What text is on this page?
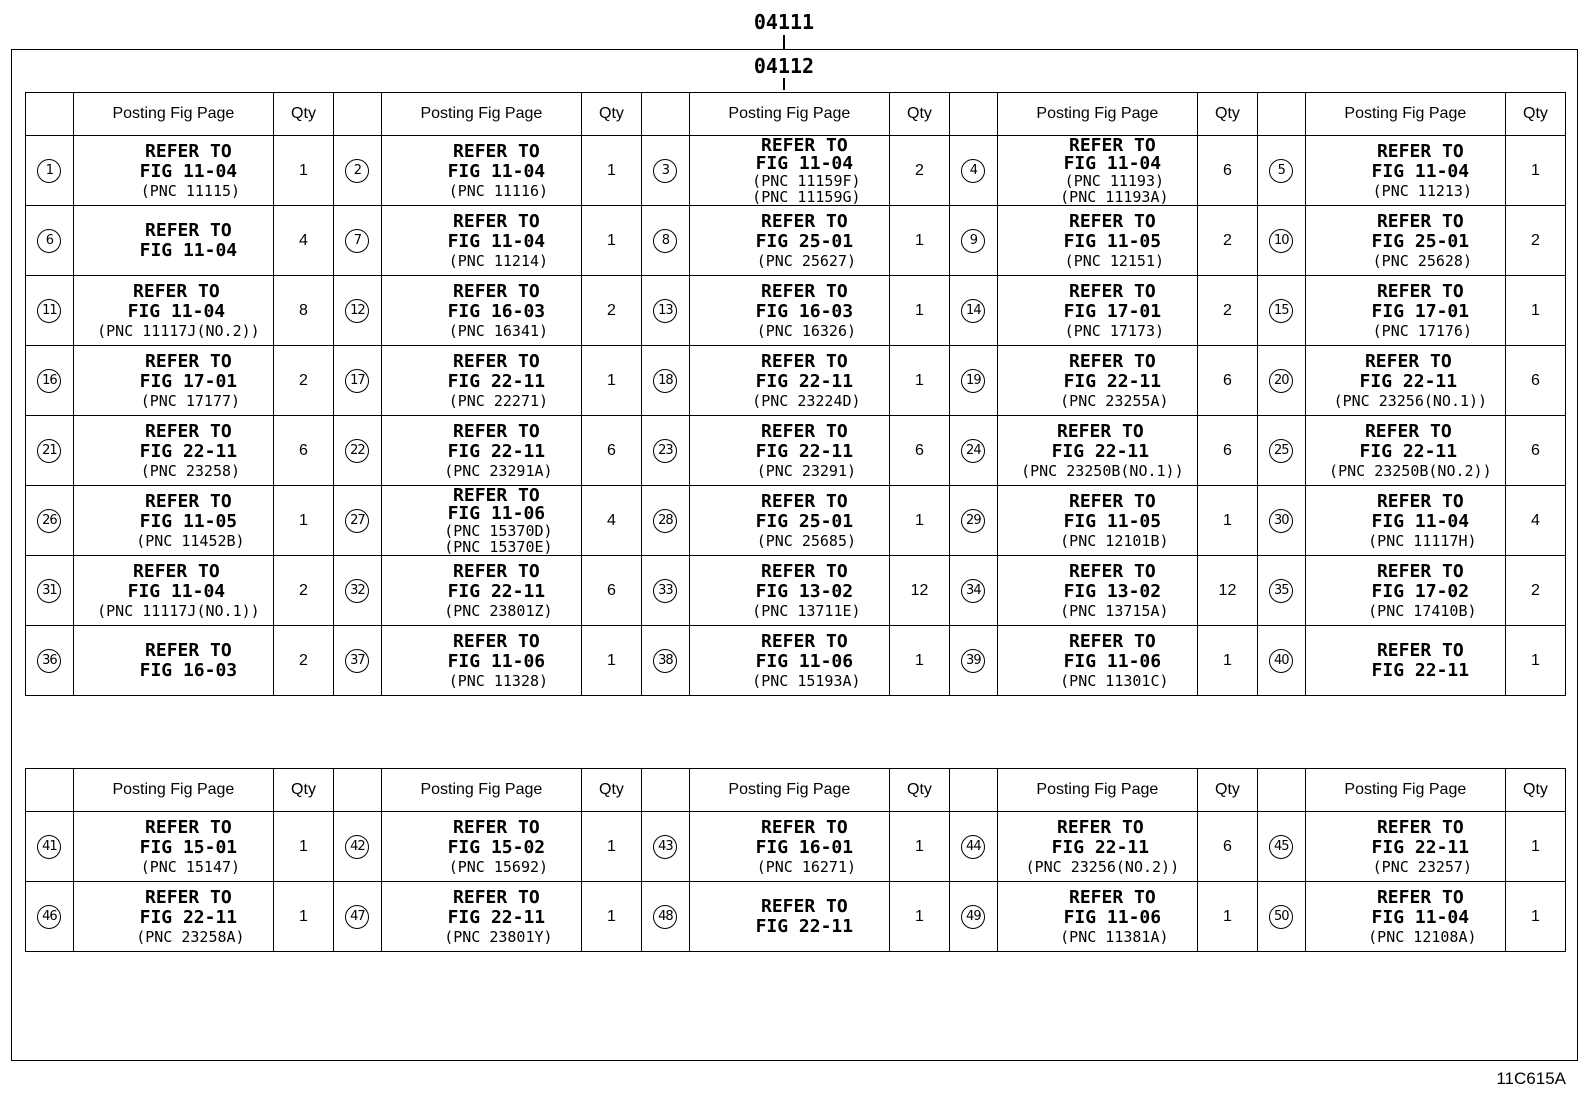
04111
04112
	Posting Fig Page	Qty		Posting Fig Page	Qty		Posting Fig Page	Qty		Posting Fig Page	Qty		Posting Fig Page	Qty
1	REFER TO
FIG 11-04
(PNC 11115)	1	2	REFER TO
FIG 11-04
(PNC 11116)	1	3	REFER TO
FIG 11-04
(PNC 11159F)
(PNC 11159G)	2	4	REFER TO
FIG 11-04
(PNC 11193)
(PNC 11193A)	6	5	REFER TO
FIG 11-04
(PNC 11213)	1
6	REFER TO
FIG 11-04	4	7	REFER TO
FIG 11-04
(PNC 11214)	1	8	REFER TO
FIG 25-01
(PNC 25627)	1	9	REFER TO
FIG 11-05
(PNC 12151)	2	10	REFER TO
FIG 25-01
(PNC 25628)	2
11	REFER TO
FIG 11-04
(PNC 11117J(NO.2))	8	12	REFER TO
FIG 16-03
(PNC 16341)	2	13	REFER TO
FIG 16-03
(PNC 16326)	1	14	REFER TO
FIG 17-01
(PNC 17173)	2	15	REFER TO
FIG 17-01
(PNC 17176)	1
16	REFER TO
FIG 17-01
(PNC 17177)	2	17	REFER TO
FIG 22-11
(PNC 22271)	1	18	REFER TO
FIG 22-11
(PNC 23224D)	1	19	REFER TO
FIG 22-11
(PNC 23255A)	6	20	REFER TO
FIG 22-11
(PNC 23256(NO.1))	6
21	REFER TO
FIG 22-11
(PNC 23258)	6	22	REFER TO
FIG 22-11
(PNC 23291A)	6	23	REFER TO
FIG 22-11
(PNC 23291)	6	24	REFER TO
FIG 22-11
(PNC 23250B(NO.1))	6	25	REFER TO
FIG 22-11
(PNC 23250B(NO.2))	6
26	REFER TO
FIG 11-05
(PNC 11452B)	1	27	REFER TO
FIG 11-06
(PNC 15370D)
(PNC 15370E)	4	28	REFER TO
FIG 25-01
(PNC 25685)	1	29	REFER TO
FIG 11-05
(PNC 12101B)	1	30	REFER TO
FIG 11-04
(PNC 11117H)	4
31	REFER TO
FIG 11-04
(PNC 11117J(NO.1))	2	32	REFER TO
FIG 22-11
(PNC 23801Z)	6	33	REFER TO
FIG 13-02
(PNC 13711E)	12	34	REFER TO
FIG 13-02
(PNC 13715A)	12	35	REFER TO
FIG 17-02
(PNC 17410B)	2
36	REFER TO
FIG 16-03	2	37	REFER TO
FIG 11-06
(PNC 11328)	1	38	REFER TO
FIG 11-06
(PNC 15193A)	1	39	REFER TO
FIG 11-06
(PNC 11301C)	1	40	REFER TO
FIG 22-11	1
	Posting Fig Page	Qty		Posting Fig Page	Qty		Posting Fig Page	Qty		Posting Fig Page	Qty		Posting Fig Page	Qty
41	REFER TO
FIG 15-01
(PNC 15147)	1	42	REFER TO
FIG 15-02
(PNC 15692)	1	43	REFER TO
FIG 16-01
(PNC 16271)	1	44	REFER TO
FIG 22-11
(PNC 23256(NO.2))	6	45	REFER TO
FIG 22-11
(PNC 23257)	1
46	REFER TO
FIG 22-11
(PNC 23258A)	1	47	REFER TO
FIG 22-11
(PNC 23801Y)	1	48	REFER TO
FIG 22-11	1	49	REFER TO
FIG 11-06
(PNC 11381A)	1	50	REFER TO
FIG 11-04
(PNC 12108A)	1
11C615A
